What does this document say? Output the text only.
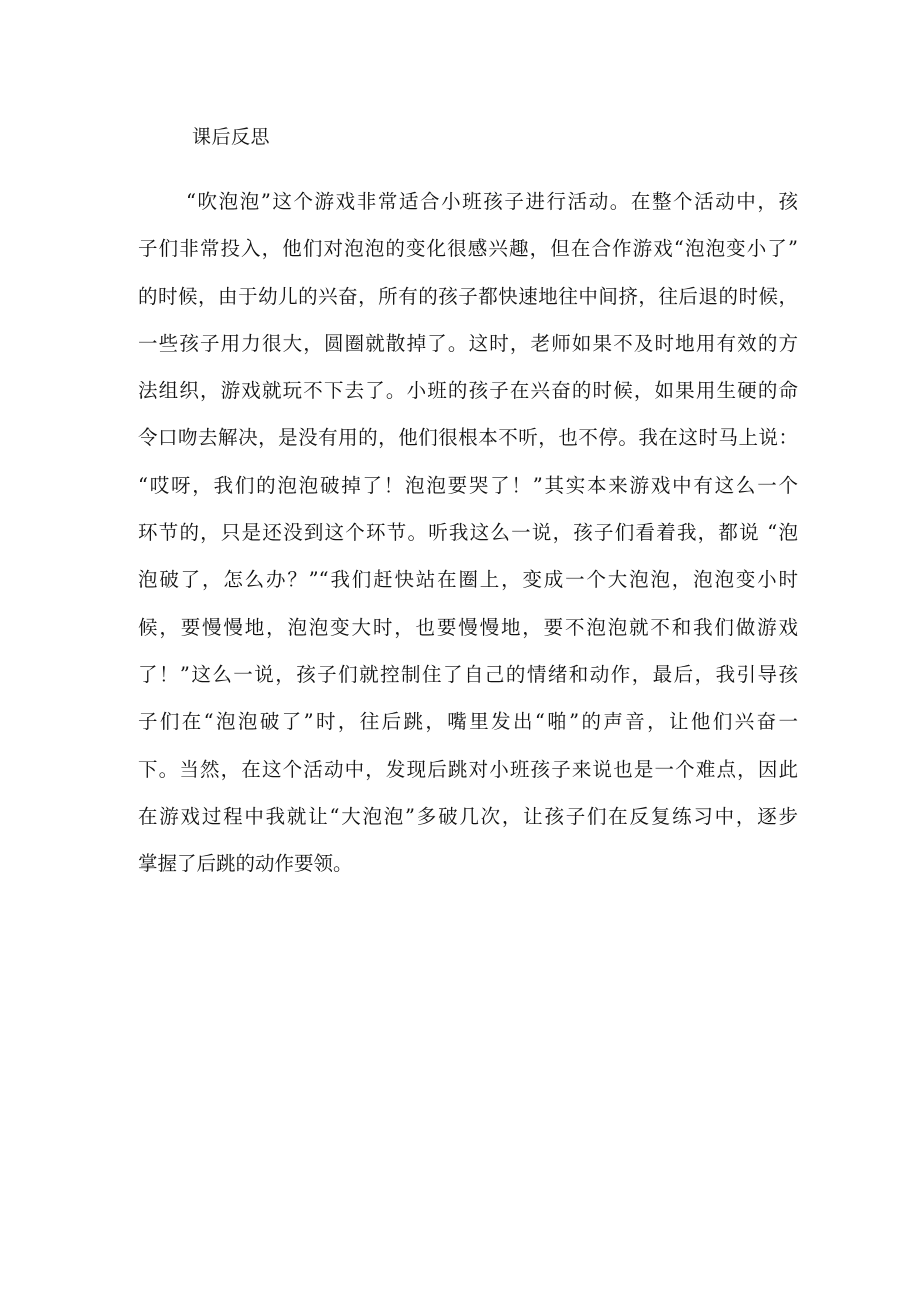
课后反思
“吹泡泡”这个游戏非常适合小班孩子进行活动。在整个活动中，孩
子们非常投入，他们对泡泡的变化很感兴趣，但在合作游戏“泡泡变小了”
的时候，由于幼儿的兴奋，所有的孩子都快速地往中间挤，往后退的时候，
一些孩子用力很大，圆圈就散掉了。这时，老师如果不及时地用有效的方
法组织，游戏就玩不下去了。小班的孩子在兴奋的时候，如果用生硬的命
令口吻去解决，是没有用的，他们很根本不听，也不停。我在这时马上说：
“哎呀，我们的泡泡破掉了！泡泡要哭了！”其实本来游戏中有这么一个
环节的，只是还没到这个环节。听我这么一说，孩子们看着我，都说 “泡
泡破了，怎么办？”“我们赶快站在圈上，变成一个大泡泡，泡泡变小时
候，要慢慢地，泡泡变大时，也要慢慢地，要不泡泡就不和我们做游戏
了！”这么一说，孩子们就控制住了自己的情绪和动作，最后，我引导孩
子们在“泡泡破了”时，往后跳，嘴里发出“啪”的声音，让他们兴奋一
下。当然，在这个活动中，发现后跳对小班孩子来说也是一个难点，因此
在游戏过程中我就让“大泡泡”多破几次，让孩子们在反复练习中，逐步
掌握了后跳的动作要领。
